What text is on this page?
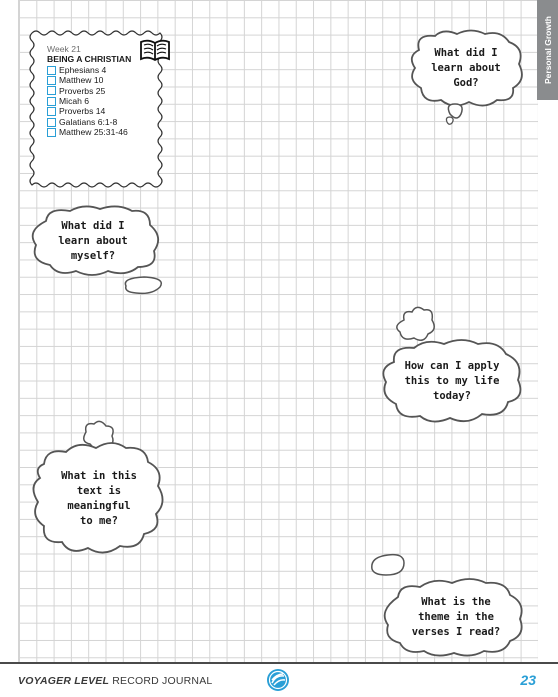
Personal Growth
Week 21
BEING A CHRISTIAN
Ephesians 4
Matthew 10
Proverbs 25
Micah 6
Proverbs 14
Galatians 6:1-8
Matthew 25:31-46
What did I
learn about
God?
What did I
learn about
myself?
How can I apply
this to my life
today?
What in this
text is
meaningful
to me?
What is the
theme in the
verses I read?
VOYAGER LEVEL RECORD JOURNAL	23
